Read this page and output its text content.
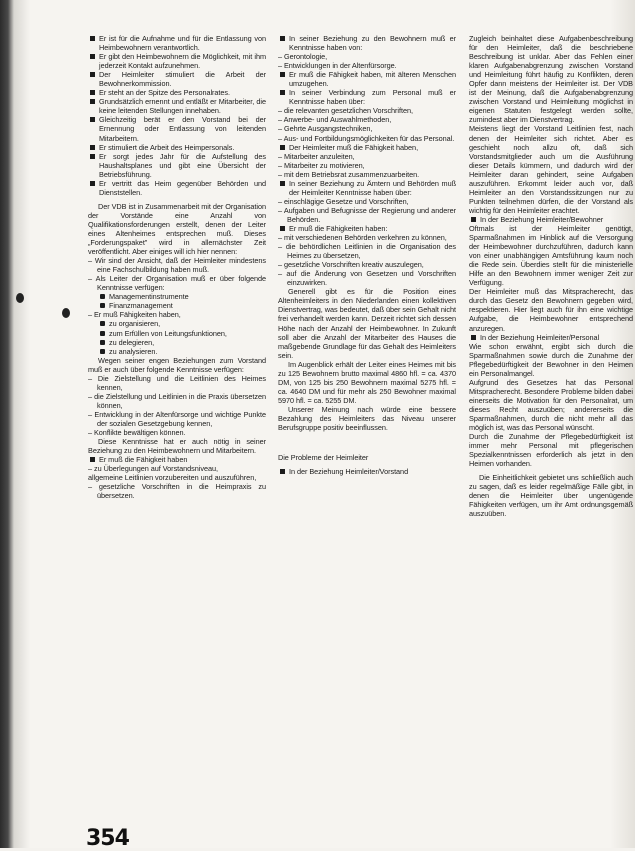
Er ist für die Aufnahme und für die Entlassung von Heimbewohnern verantwortlich.

Er gibt den Heimbewohnern die Möglichkeit, mit ihm jederzeit Kontakt aufzunehmen.

Der Heimleiter stimuliert die Arbeit der Bewohnerkommission.

Er steht an der Spitze des Personalrates.

Grundsätzlich ernennt und entläßt er Mitarbeiter, die keine leitenden Stellungen innehaben.

Gleichzeitig berät er den Vorstand bei der Ernennung oder Entlassung von leitenden Mitarbeitern.

Er stimuliert die Arbeit des Heimpersonals.

Er sorgt jedes Jahr für die Aufstellung des Haushaltsplanes und gibt eine Übersicht der Betriebsführung.

Er vertritt das Heim gegenüber Behörden und Dienststellen.

Der VDB ist in Zusammenarbeit mit der Organisation der Vorstände eine Anzahl von Qualifikationsforderungen erstellt, denen der Leiter eines Altenheimes entsprechen muß. Dieses „Forderungspaket" wird in allernächster Zeit veröffentlicht. Aber einiges will ich hier nennen:

– Wir sind der Ansicht, daß der Heimleiter mindestens eine Fachschulbildung haben muß.

– Als Leiter der Organisation muß er über folgende Kenntnisse verfügen:

Managementinstrumente

Finanzmanagement

– Er muß Fähigkeiten haben,

zu organisieren,

zum Erfüllen von Leitungsfunktionen,

zu delegieren,

zu analysieren.

Wegen seiner engen Beziehungen zum Vorstand muß er auch über folgende Kenntnisse verfügen:

– Die Zielstellung und die Leitlinien des Heimes kennen,

– die Zielstellung und Leitlinien in die Praxis übersetzen können,

– Entwicklung in der Altenfürsorge und wichtige Punkte der sozialen Gesetzgebung kennen,

– Konflikte bewältigen können.

Diese Kenntnisse hat er auch nötig in seiner Beziehung zu den Heimbewohnern und Mitarbeitern.

Er muß die Fähigkeit haben

– zu Überlegungen auf Vorstandsniveau,

allgemeine Leitlinien vorzubereiten und auszuführen,

– gesetzliche Vorschriften in die Heimpraxis zu übersetzen.

In seiner Beziehung zu den Bewohnern muß er Kenntnisse haben von:

– Gerontologie,

– Entwicklungen in der Altenfürsorge.

Er muß die Fähigkeit haben, mit älteren Menschen umzugehen.

In seiner Verbindung zum Personal muß er Kenntnisse haben über:

– die relevanten gesetzlichen Vorschriften,

– Anwerbe- und Auswahlmethoden,

– Gehrte Ausgangstechniken,

– Aus- und Fortbildungsmöglichkeiten für das Personal.

Der Heimleiter muß die Fähigkeit haben,

– Mitarbeiter anzuleiten,

– Mitarbeiter zu motivieren,

– mit dem Betriebsrat zusammenzuarbeiten.

In seiner Beziehung zu Ämtern und Behörden muß der Heimleiter Kenntnisse haben über:

– einschlägige Gesetze und Vorschriften,

– Aufgaben und Befugnisse der Regierung und anderer Behörden.

Er muß die Fähigkeiten haben:

– mit verschiedenen Behörden verkehren zu können,

– die behördlichen Leitlinien in die Organisation des Heimes zu übersetzen,

– gesetzliche Vorschriften kreativ auszulegen,

– auf die Änderung von Gesetzen und Vorschriften einzuwirken.

Generell gibt es für die Position eines Altenheimleiters in den Niederlanden einen kollektiven Dienstvertrag, was bedeutet, daß über sein Gehalt nicht frei verhandelt werden kann. Derzeit richtet sich dessen Höhe nach der Anzahl der Heimbewohner. In Zukunft soll aber die Anzahl der Mitarbeiter des Hauses die maßgebende Grundlage für das Gehalt des Heimleiters sein.

Im Augenblick erhält der Leiter eines Heimes mit bis zu 125 Bewohnern brutto maximal 4860 hfl. = ca. 4370 DM, von 125 bis 250 Bewohnern maximal 5275 hfl. = ca. 4640 DM und für mehr als 250 Bewohner maximal 5970 hfl. = ca. 5255 DM.

Unserer Meinung nach würde eine bessere Bezahlung des Heimleiters das Niveau unserer Berufsgruppe positiv beeinflussen.

Die Probleme der Heimleiter

In der Beziehung Heimleiter/Vorstand

Zugleich beinhaltet diese Aufgabenbeschreibung für den Heimleiter, daß die beschriebene Beschreibung ist unklar. Aber das Fehlen einer klaren Aufgabenabgrenzung zwischen Vorstand und Heimleitung führt häufig zu Konflikten, deren Opfer dann meistens der Heimleiter ist. Der VDB ist der Meinung, daß die Aufgabenabgrenzung zwischen Vorstand und Heimleitung möglichst in eigenen Statuten festgelegt werden sollte, zumindest aber im Dienstvertrag.

Meistens liegt der Vorstand Leitlinien fest, nach denen der Heimleiter sich richtet. Aber es geschieht noch allzu oft, daß sich Vorstandsmitglieder auch um die Ausführung dieser Details kümmern, und dadurch wird der Heimleiter daran gehindert, seine Aufgaben auszuführen. Erkommt leider auch vor, daß Heimleiter an den Vorstandssitzungen nur zu Punkten teilnehmen dürfen, die der Vorstand als wichtig für den Heimleiter erachtet.

In der Beziehung Heimleiter/Bewohner

Oftmals ist der Heimleiter genötigt, Sparmaßnahmen im Hinblick auf die Versorgung der Heimbewohner durchzuführen, dadurch kann von einer unabhängigen Amtsführung kaum noch die Rede sein. Überdies stellt für die ministerielle Hilfe an den Bewohnern immer weniger Zeit zur Verfügung.

Der Heimleiter muß das Mitspracherecht, das durch das Gesetz den Bewohnern gegeben wird, respektieren. Hier liegt auch für ihn eine wichtige Aufgabe, die Heimbewohner entsprechend anzuregen.

In der Beziehung Heimleiter/Personal

Wie schon erwähnt, ergibt sich durch die Sparmaßnahmen sowie durch die Zunahme der Pflegebedürftigkeit der Bewohner in den Heimen ein Personalmangel.

Aufgrund des Gesetzes hat das Personal Mitspracherecht. Besondere Probleme bilden dabei einerseits die Motivation für den Personalrat, um dieses Recht auszuüben; andererseits die Sparmaßnahmen, durch die nicht mehr all das möglich ist, was das Personal wünscht.

Durch die Zunahme der Pflegebedürftigkeit ist immer mehr Personal mit pflegerischen Spezialkenntnissen erforderlich als jetzt in den Heimen vorhanden.

Die Einheitlichkeit gebietet uns schließlich auch zu sagen, daß es leider regelmäßige Fälle gibt, in denen die Heimleiter über ungenügende Fähigkeiten verfügen, um ihr Amt ordnungsgemäß auszuüben.

354
